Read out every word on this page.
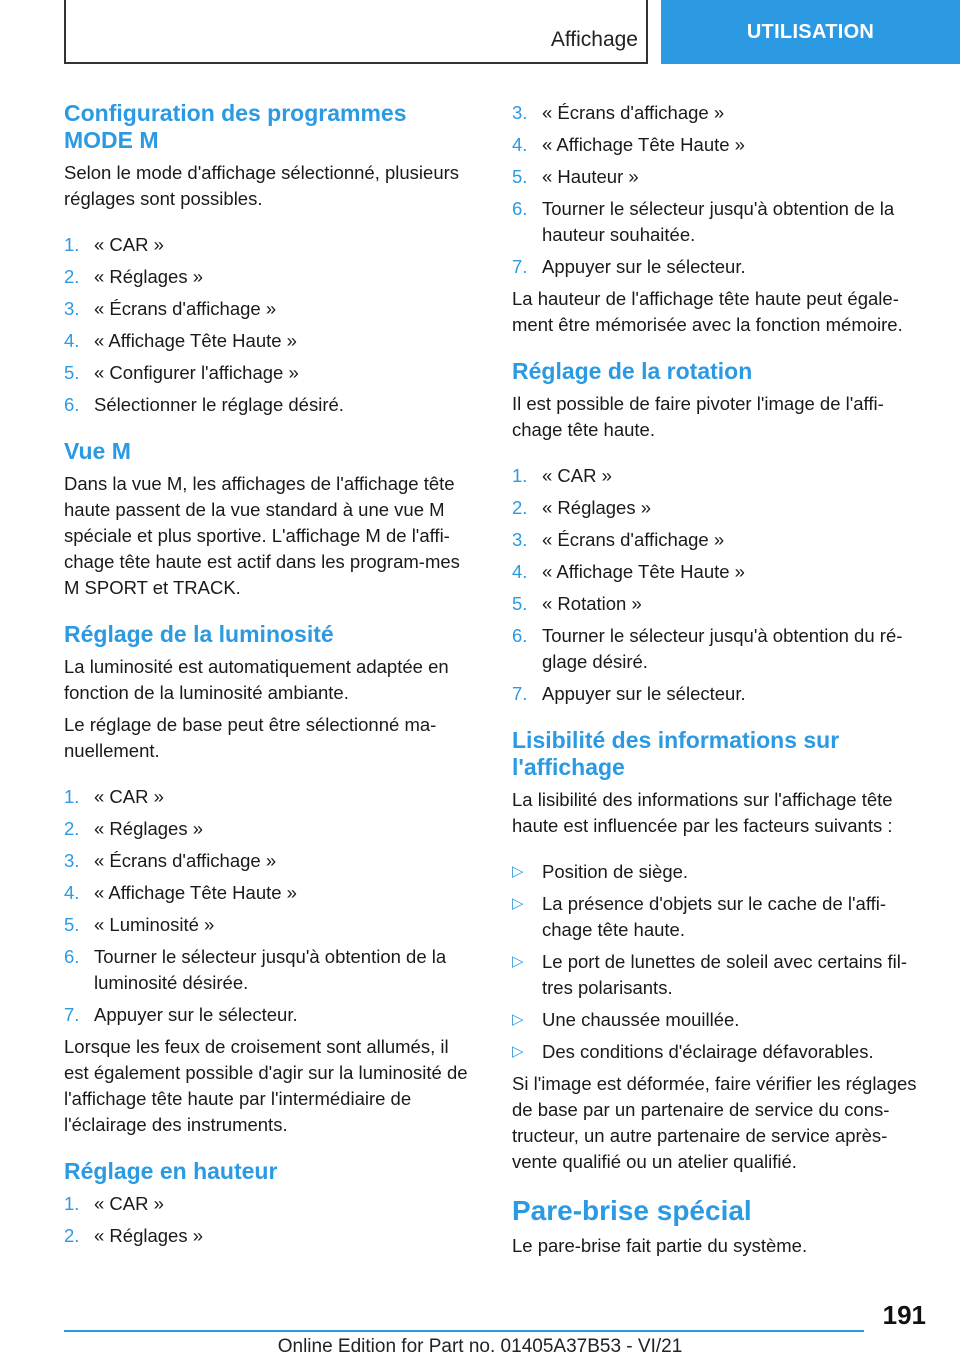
Affichage	UTILISATION
Configuration des programmes
MODE M

Selon le mode d'affichage sélectionné, plusieurs réglages sont possibles.

1. « CAR »
2. « Réglages »
3. « Écrans d'affichage »
4. « Affichage Tête Haute »
5. « Configurer l'affichage »
6. Sélectionner le réglage désiré.
Vue M

Dans la vue M, les affichages de l'affichage tête haute passent de la vue standard à une vue M spéciale et plus sportive. L'affichage M de l'affi-chage tête haute est actif dans les program-mes M SPORT et TRACK.

Réglage de la luminosité

La luminosité est automatiquement adaptée en fonction de la luminosité ambiante.

Le réglage de base peut être sélectionné ma-nuellement.

1. « CAR »
2. « Réglages »
3. « Écrans d'affichage »
4. « Affichage Tête Haute »
5. « Luminosité »
6. Tourner le sélecteur jusqu'à obtention de la luminosité désirée.
7. Appuyer sur le sélecteur.

Lorsque les feux de croisement sont allumés, il est également possible d'agir sur la luminosité de l'affichage tête haute par l'intermédiaire de l'éclairage des instruments.

Réglage en hauteur
1. « CAR »
2. « Réglages »
3. « Écrans d'affichage »
4. « Affichage Tête Haute »
5. « Hauteur »
6. Tourner le sélecteur jusqu'à obtention de la hauteur souhaitée.
7. Appuyer sur le sélecteur.

La hauteur de l'affichage tête haute peut égale-ment être mémorisée avec la fonction mémoire.

Réglage de la rotation

Il est possible de faire pivoter l'image de l'affi-chage tête haute.

1. « CAR »
2. « Réglages »
3. « Écrans d'affichage »
4. « Affichage Tête Haute »
5. « Rotation »
6. Tourner le sélecteur jusqu'à obtention du ré-glage désiré.
7. Appuyer sur le sélecteur.
Lisibilité des informations sur
l'affichage

La lisibilité des informations sur l'affichage tête haute est influencée par les facteurs suivants :

▷ Position de siège.
▷ La présence d'objets sur le cache de l'affi-chage tête haute.
▷ Le port de lunettes de soleil avec certains fil-tres polarisants.
▷ Une chaussée mouillée.
▷ Des conditions d'éclairage défavorables.

Si l'image est déformée, faire vérifier les réglages de base par un partenaire de service du cons-tructeur, un autre partenaire de service après-vente qualifié ou un atelier qualifié.

Pare-brise spécial

Le pare-brise fait partie du système.

191
Online Edition for Part no. 01405A37B53 - VI/21
